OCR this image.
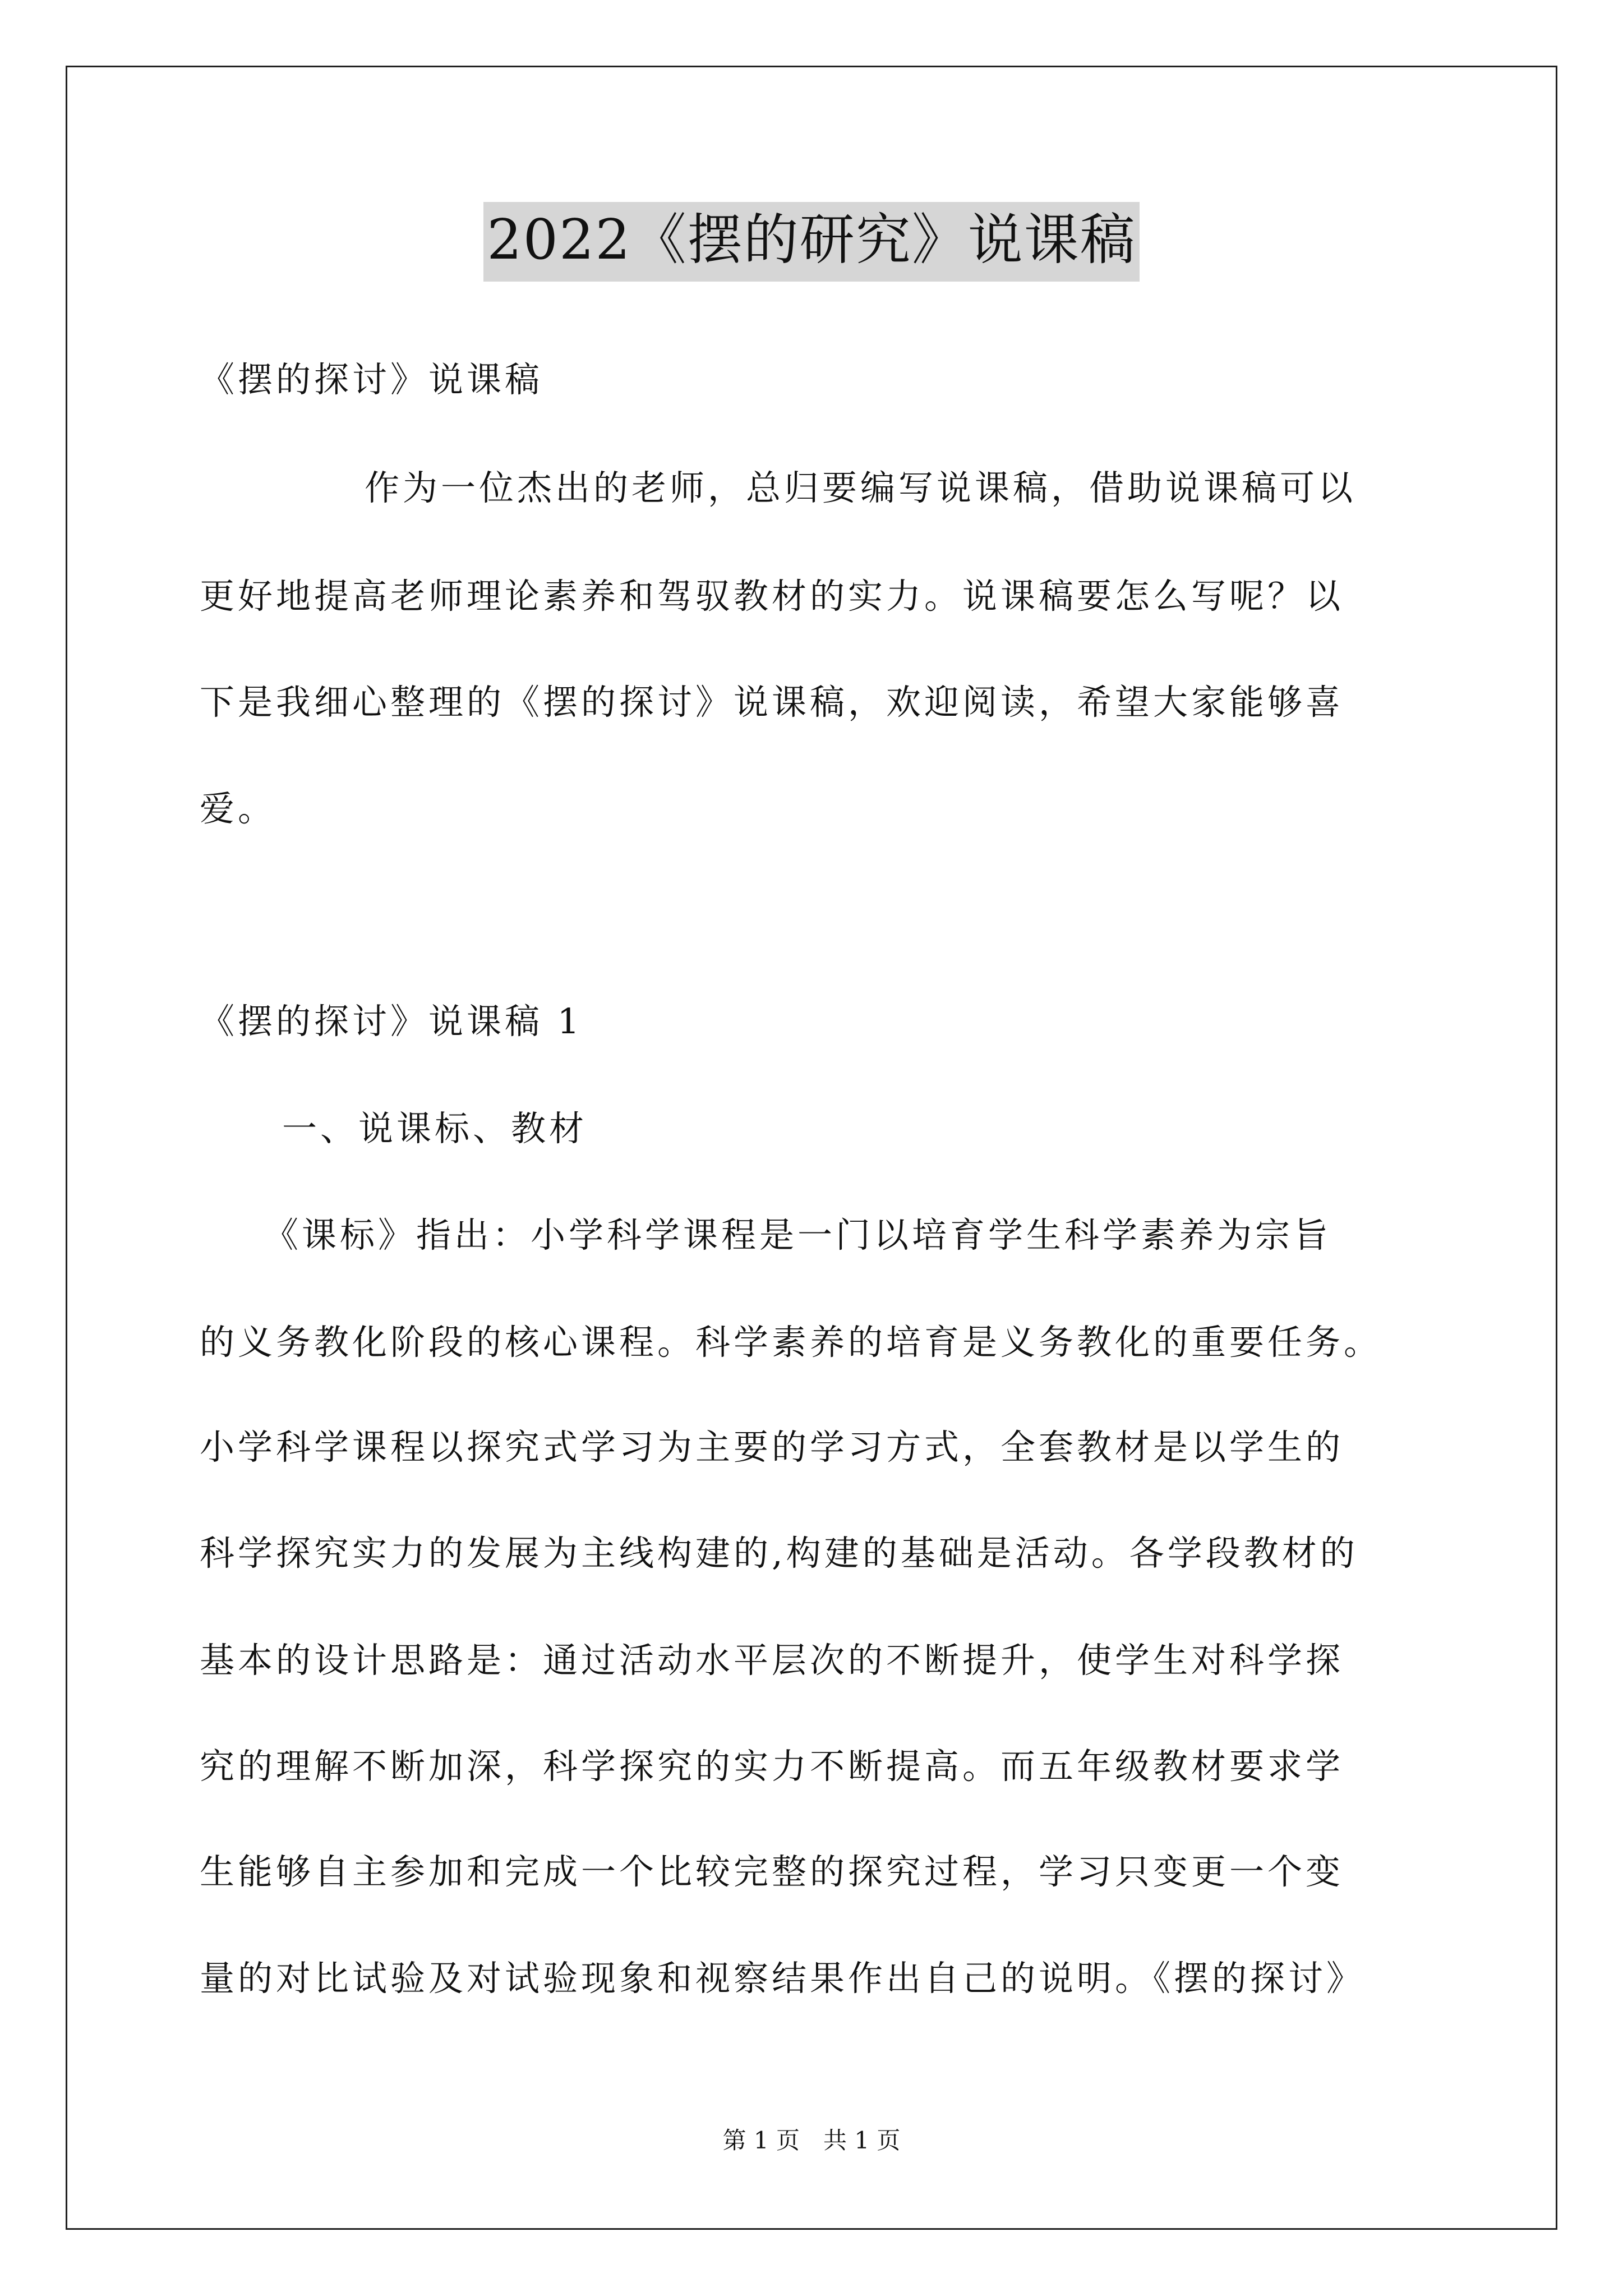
2022《摆的研究》说课稿
《摆的探讨》说课稿
作为一位杰出的老师，总归要编写说课稿，借助说课稿可以
更好地提高老师理论素养和驾驭教材的实力。说课稿要怎么写呢？以
下是我细心整理的《摆的探讨》说课稿，欢迎阅读，希望大家能够喜
爱。
《摆的探讨》说课稿 1
一、说课标、教材
《课标》指出：小学科学课程是一门以培育学生科学素养为宗旨
的义务教化阶段的核心课程。科学素养的培育是义务教化的重要任务。
小学科学课程以探究式学习为主要的学习方式，全套教材是以学生的
科学探究实力的发展为主线构建的,构建的基础是活动。各学段教材的
基本的设计思路是：通过活动水平层次的不断提升，使学生对科学探
究的理解不断加深，科学探究的实力不断提高。而五年级教材要求学
生能够自主参加和完成一个比较完整的探究过程，学习只变更一个变
量的对比试验及对试验现象和视察结果作出自己的说明。《摆的探讨》
第 1 页　共 1 页
